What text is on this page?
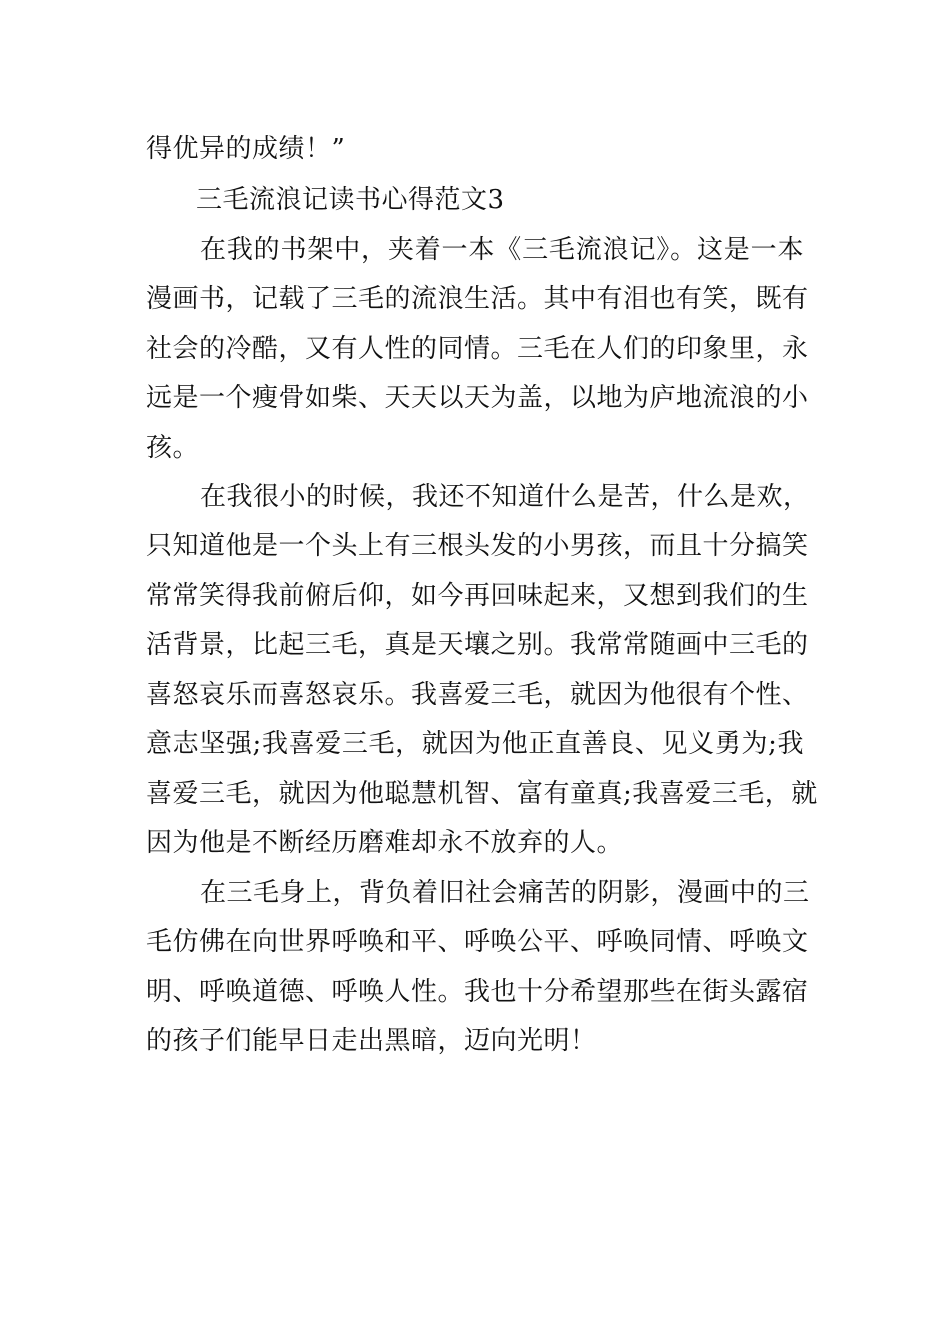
得优异的成绩！”
三毛流浪记读书心得范文3
在我的书架中，夹着一本《三毛流浪记》。这是一本
漫画书，记载了三毛的流浪生活。其中有泪也有笑，既有
社会的冷酷，又有人性的同情。三毛在人们的印象里，永
远是一个瘦骨如柴、天天以天为盖，以地为庐地流浪的小
孩。
在我很小的时候，我还不知道什么是苦，什么是欢，
只知道他是一个头上有三根头发的小男孩，而且十分搞笑
常常笑得我前俯后仰，如今再回味起来，又想到我们的生
活背景，比起三毛，真是天壤之别。我常常随画中三毛的
喜怒哀乐而喜怒哀乐。我喜爱三毛，就因为他很有个性、
意志坚强;我喜爱三毛，就因为他正直善良、见义勇为;我
喜爱三毛，就因为他聪慧机智、富有童真;我喜爱三毛，就
因为他是不断经历磨难却永不放弃的人。
在三毛身上，背负着旧社会痛苦的阴影，漫画中的三
毛仿佛在向世界呼唤和平、呼唤公平、呼唤同情、呼唤文
明、呼唤道德、呼唤人性。我也十分希望那些在街头露宿
的孩子们能早日走出黑暗，迈向光明！
